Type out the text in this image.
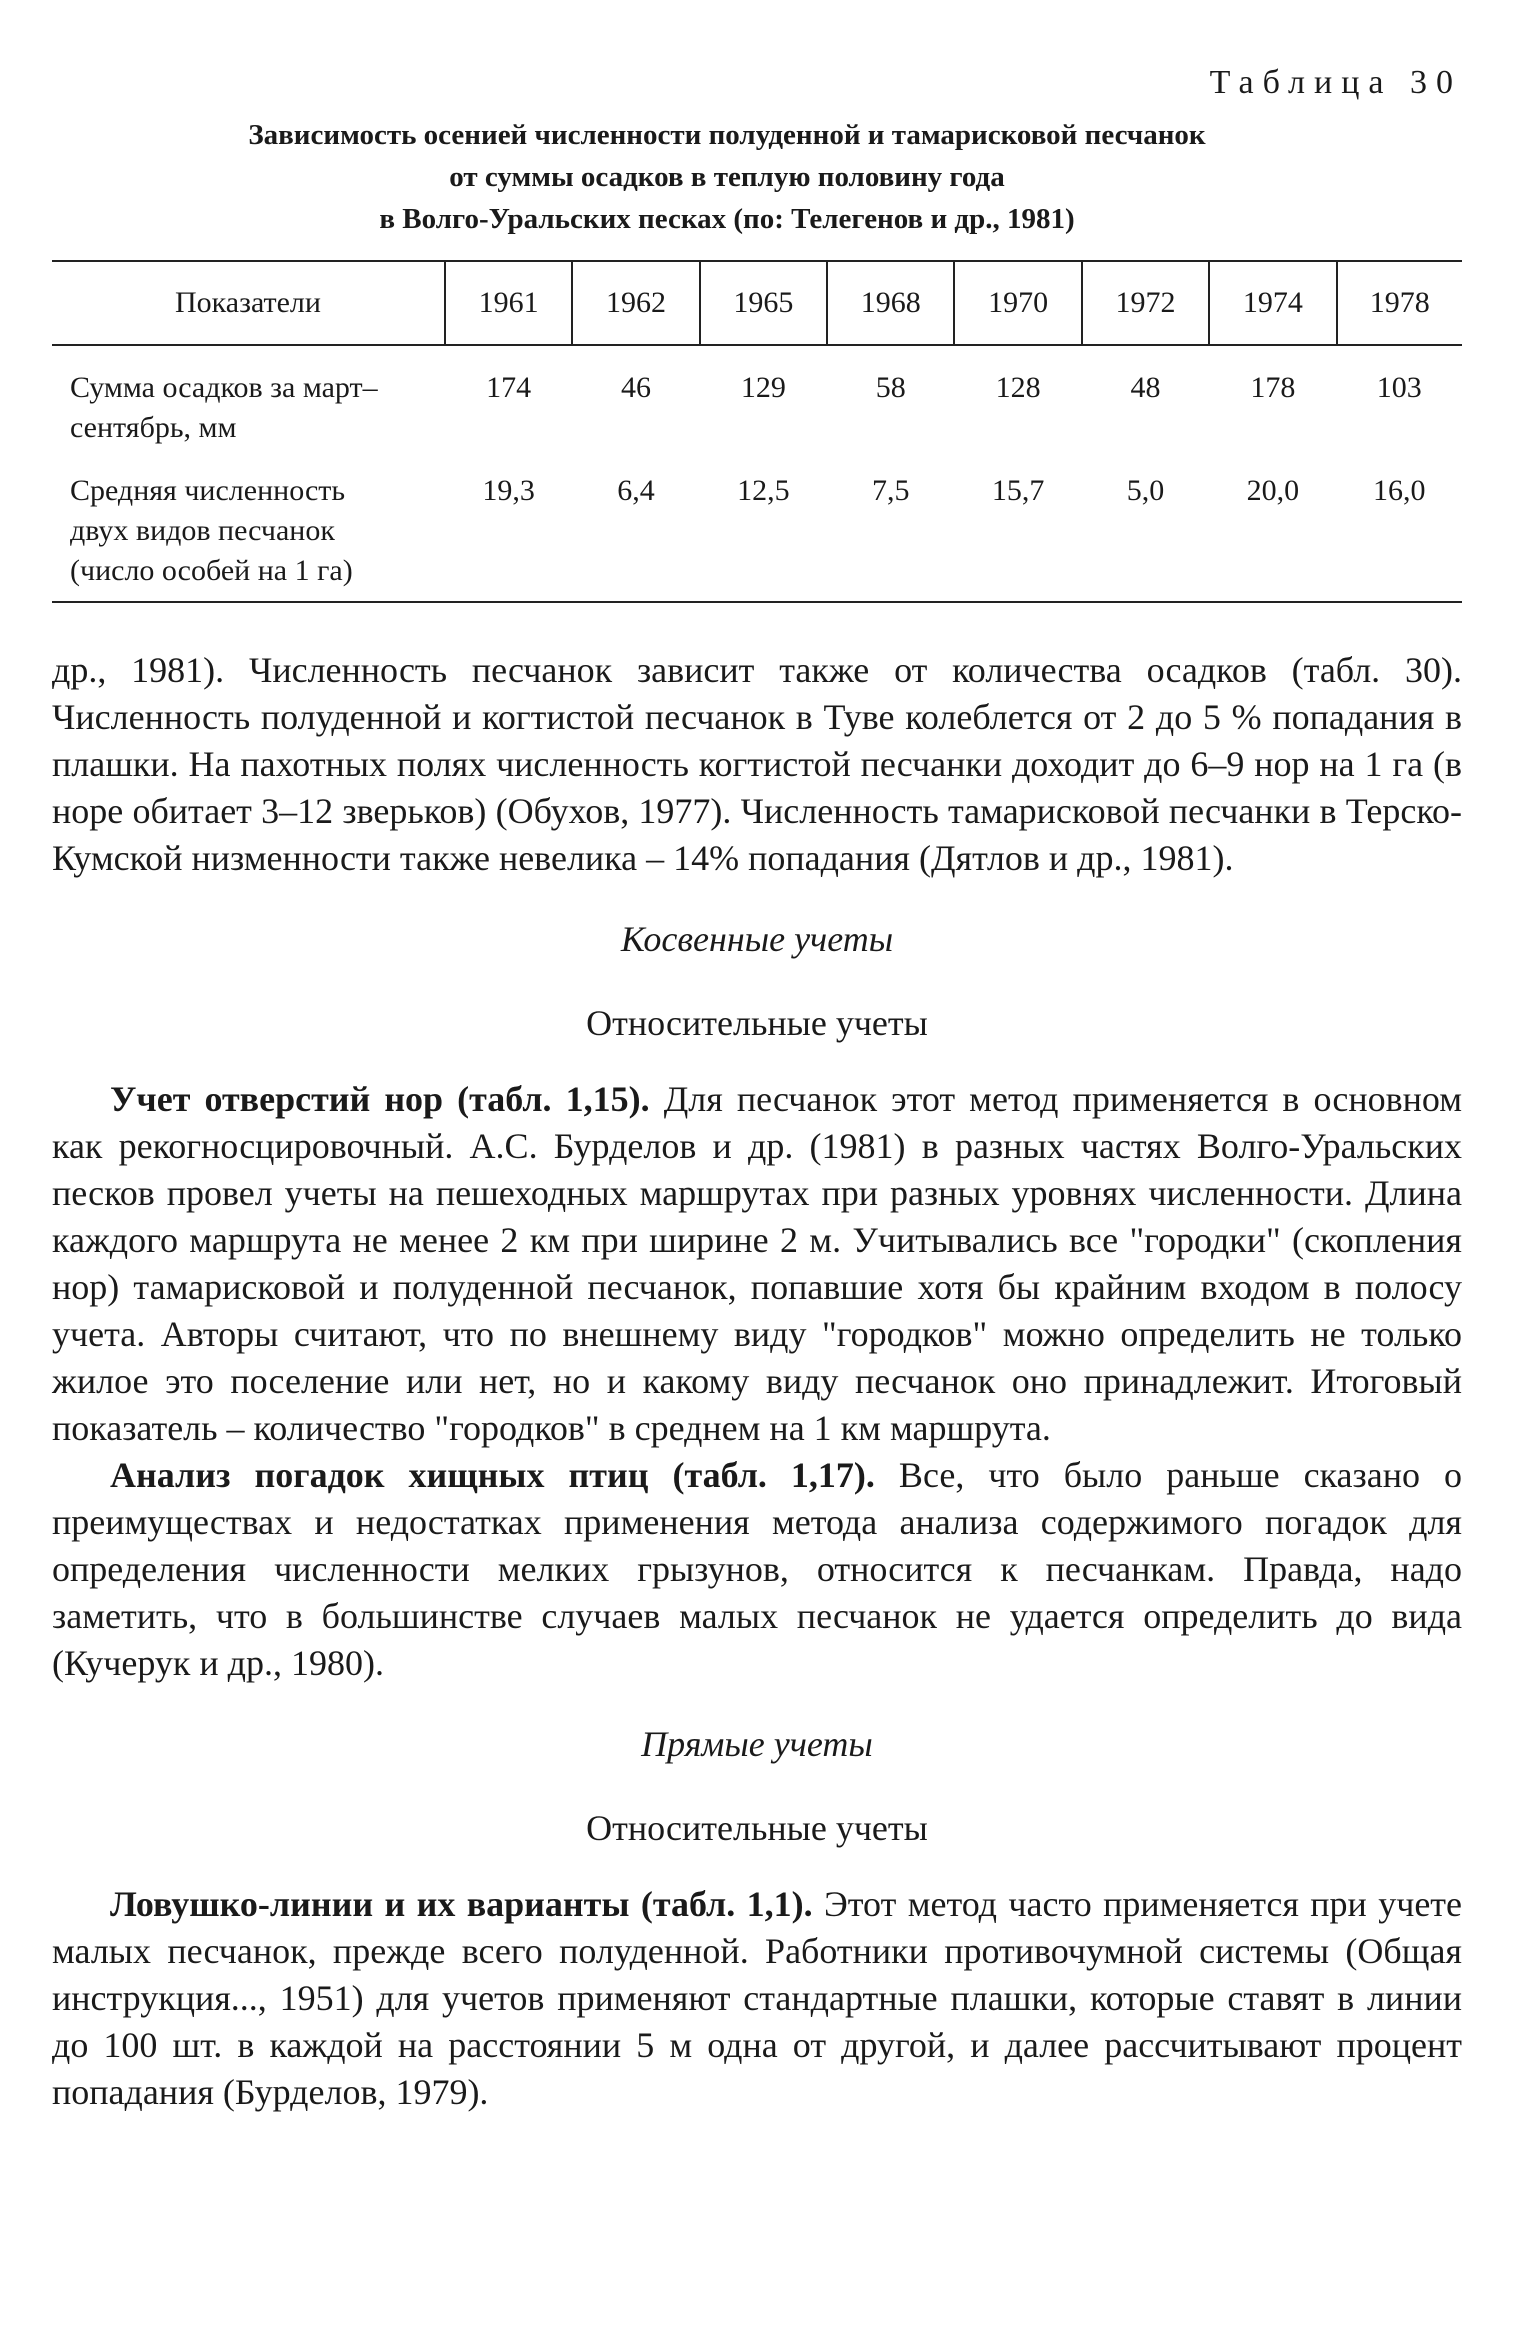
Таблица 30
Зависимость осенией численности полуденной и тамарисковой песчанок
от суммы осадков в теплую половину года
в Волго-Уральских песках (по: Телегенов и др., 1981)
Показатели	1961	1962	1965	1968	1970	1972	1974	1978

Сумма осадков за март–
сентябрь, мм	174	46	129	58	128	48	178	103

Средняя численность
двух видов песчанок
(число особей на 1 га)	19,3	6,4	12,5	7,5	15,7	5,0	20,0	16,0

др., 1981). Численность песчанок зависит также от количества осадков (табл. 30). Численность полуденной и когтистой песчанок в Туве колеблется от 2 до 5 % попадания в плашки. На пахотных полях численность когтистой песчанки доходит до 6–9 нор на 1 га (в норе обитает 3–12 зверьков) (Обухов, 1977). Численность тамарисковой песчанки в Терско-Кумской низменности также невелика – 14% попадания (Дятлов и др., 1981).

Косвенные учеты
Относительные учеты

Учет отверстий нор (табл. 1,15). Для песчанок этот метод применяется в основном как рекогносцировочный. А.С. Бурделов и др. (1981) в разных частях Волго-Уральских песков провел учеты на пешеходных маршрутах при разных уровнях численности. Длина каждого маршрута не менее 2 км при ширине 2 м. Учитывались все "городки" (скопления нор) тамарисковой и полуденной песчанок, попавшие хотя бы крайним входом в полосу учета. Авторы считают, что по внешнему виду "городков" можно определить не только жилое это поселение или нет, но и какому виду песчанок оно принадлежит. Итоговый показатель – количество "городков" в среднем на 1 км маршрута.

Анализ погадок хищных птиц (табл. 1,17). Все, что было раньше сказано о преимуществах и недостатках применения метода анализа содержимого погадок для определения численности мелких грызунов, относится к песчанкам. Правда, надо заметить, что в большинстве случаев малых песчанок не удается определить до вида (Кучерук и др., 1980).

Прямые учеты
Относительные учеты

Ловушко-линии и их варианты (табл. 1,1). Этот метод часто применяется при учете малых песчанок, прежде всего полуденной. Работники противочумной системы (Общая инструкция..., 1951) для учетов применяют стандартные плашки, которые ставят в линии до 100 шт. в каждой на расстоянии 5 м одна от другой, и далее рассчитывают процент попадания (Бурделов, 1979).
